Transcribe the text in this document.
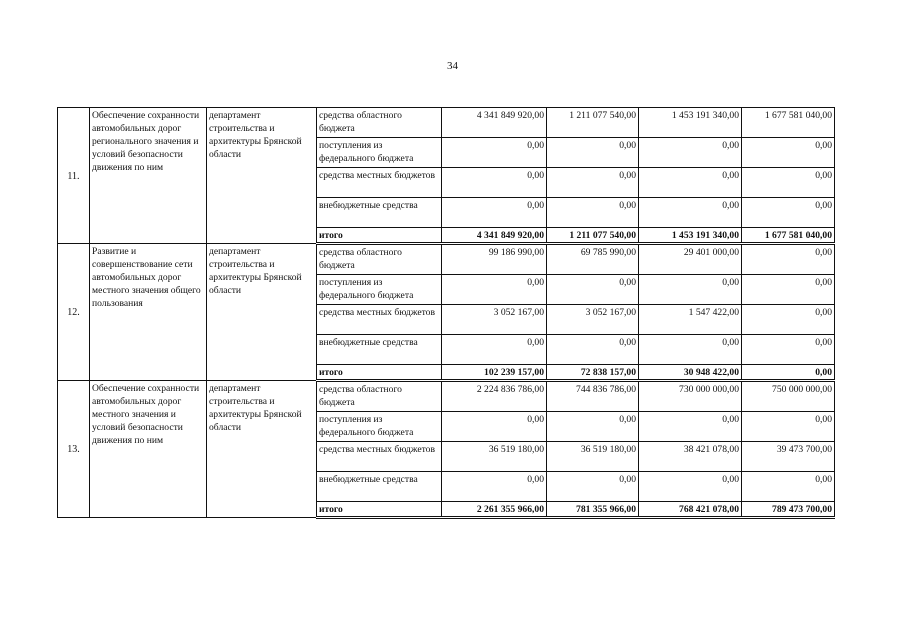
34
11.	Обеспечение сохранности автомобильных дорог регионального значения и условий безопасности движения по ним	департамент строительства и архитектуры Брянской области	средства областного бюджета	4 341 849 920,00	1 211 077 540,00	1 453 191 340,00	1 677 581 040,00
			поступления из федерального бюджета	0,00	0,00	0,00	0,00
			средства местных бюджетов	0,00	0,00	0,00	0,00
			внебюджетные средства	0,00	0,00	0,00	0,00
			итого	4 341 849 920,00	1 211 077 540,00	1 453 191 340,00	1 677 581 040,00
12.	Развитие и совершенствование сети автомобильных дорог местного значения общего пользования	департамент строительства и архитектуры Брянской области	средства областного бюджета	99 186 990,00	69 785 990,00	29 401 000,00	0,00
			поступления из федерального бюджета	0,00	0,00	0,00	0,00
			средства местных бюджетов	3 052 167,00	3 052 167,00	1 547 422,00	0,00
			внебюджетные средства	0,00	0,00	0,00	0,00
			итого	102 239 157,00	72 838 157,00	30 948 422,00	0,00
13.	Обеспечение сохранности автомобильных дорог местного значения и условий безопасности движения по ним	департамент строительства и архитектуры Брянской области	средства областного бюджета	2 224 836 786,00	744 836 786,00	730 000 000,00	750 000 000,00
			поступления из федерального бюджета	0,00	0,00	0,00	0,00
			средства местных бюджетов	36 519 180,00	36 519 180,00	38 421 078,00	39 473 700,00
			внебюджетные средства	0,00	0,00	0,00	0,00
			итого	2 261 355 966,00	781 355 966,00	768 421 078,00	789 473 700,00
